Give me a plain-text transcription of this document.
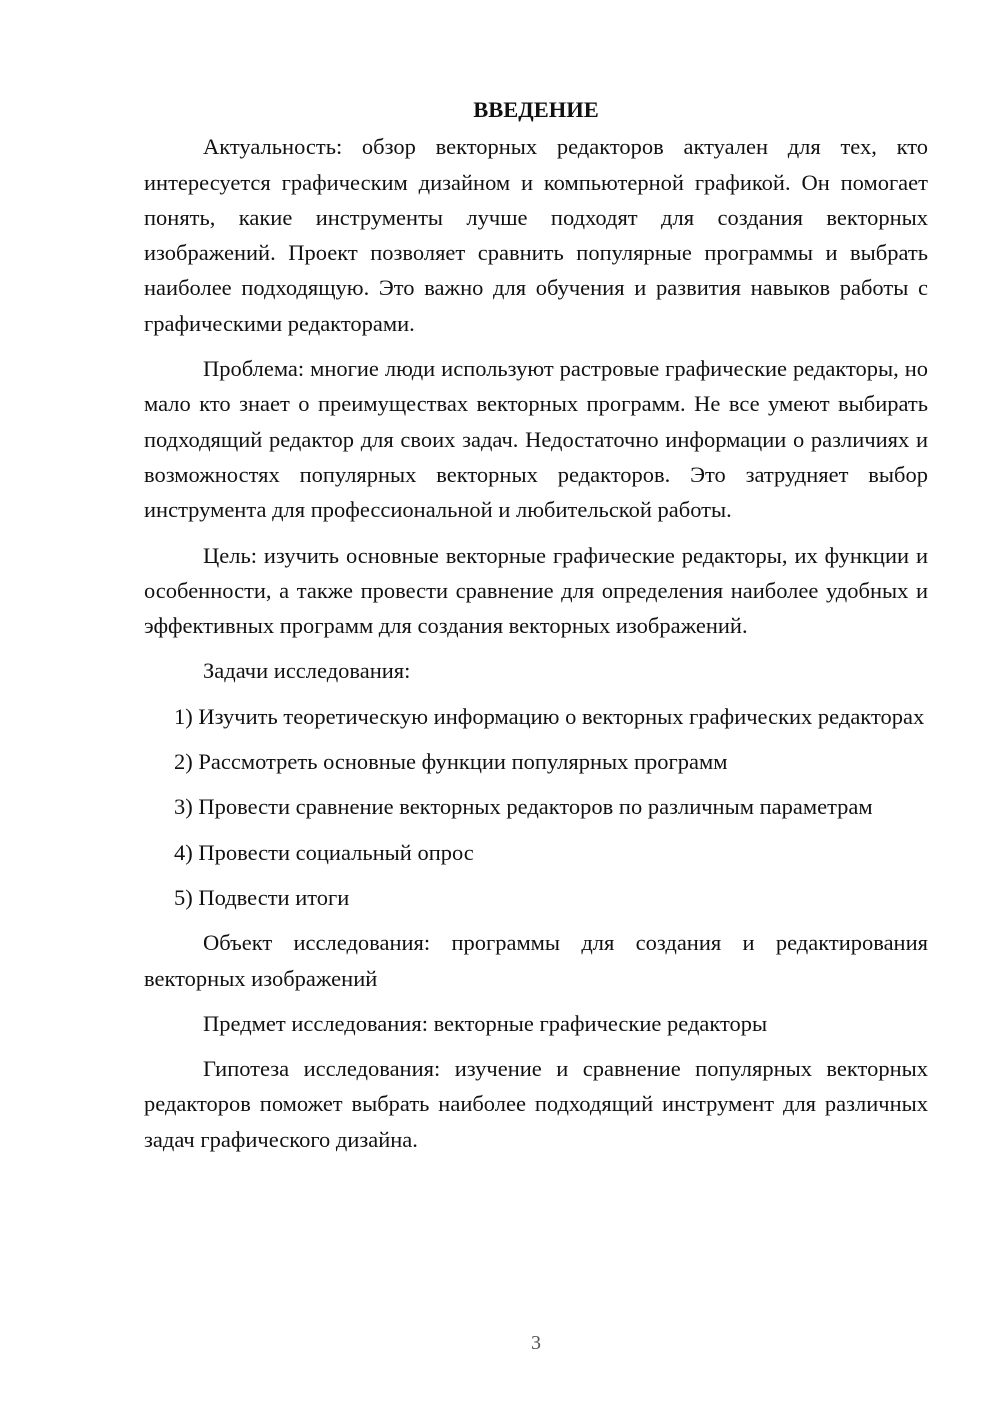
ВВЕДЕНИЕ

Актуальность: обзор векторных редакторов актуален для тех, кто интересуется графическим дизайном и компьютерной графикой. Он помогает понять, какие инструменты лучше подходят для создания векторных изображений. Проект позволяет сравнить популярные программы и выбрать наиболее подходящую. Это важно для обучения и развития навыков работы с графическими редакторами.

Проблема: многие люди используют растровые графические редакторы, но мало кто знает о преимуществах векторных программ. Не все умеют выбирать подходящий редактор для своих задач. Недостаточно информации о различиях и возможностях популярных векторных редакторов. Это затрудняет выбор инструмента для профессиональной и любительской работы.

Цель: изучить основные векторные графические редакторы, их функции и особенности, а также провести сравнение для определения наиболее удобных и эффективных программ для создания векторных изображений.

Задачи исследования:

1) Изучить теоретическую информацию о векторных графических редакторах

2) Рассмотреть основные функции популярных программ

3) Провести сравнение векторных редакторов по различным параметрам

4) Провести социальный опрос

5) Подвести итоги

Объект исследования: программы для создания и редактирования векторных изображений

Предмет исследования: векторные графические редакторы

Гипотеза исследования: изучение и сравнение популярных векторных редакторов поможет выбрать наиболее подходящий инструмент для различных задач графического дизайна.

3
